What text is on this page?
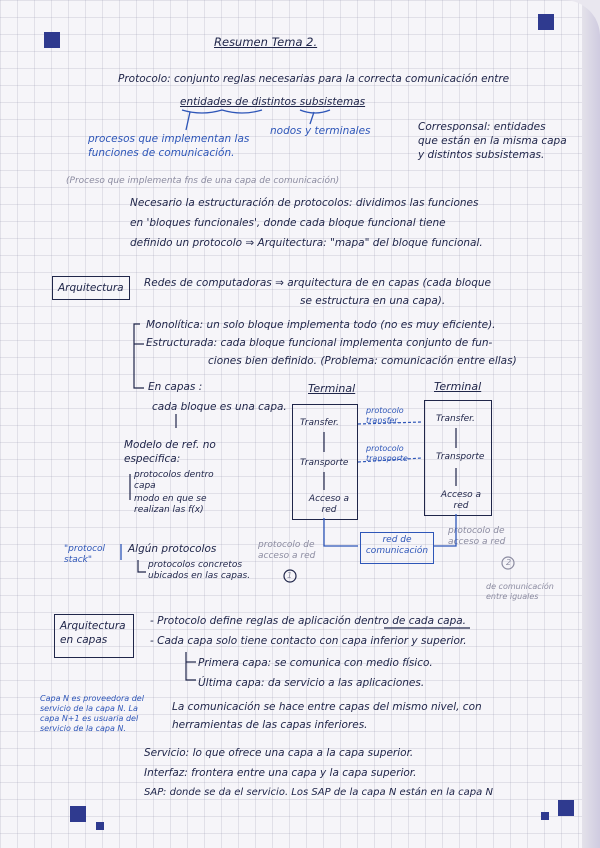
Resumen Tema 2.
Protocolo: conjunto reglas necesarias para la correcta comunicación entre
entidades de distintos subsistemas
procesos que implementan las funciones de comunicación.
nodos y terminales	Corresponsal: entidades que están en la misma capa y distintos subsistemas.
(Proceso que implementa fns de una capa de comunicación)
Necesario la estructuración de protocolos: dividimos las funciones
en 'bloques funcionales', donde cada bloque funcional tiene
definido un protocolo ⇒ Arquitectura: "mapa" del bloque funcional.
Arquitectura Redes de computadoras ⇒ arquitectura de en capas (cada bloque
se estructura en una capa).
Monolítica: un solo bloque implementa todo (no es muy eficiente).
Estructurada: cada bloque funcional implementa conjunto de fun-
ciones bien definido. (Problema: comunicación entre ellas)
En capas :
cada bloque es una capa.
Modelo de ref. no especifica:
protocolos dentro capa
modo en que se realizan las f(x)
"protocol stack"
Algún protocolos
protocolos concretos ubicados en las capas.
Terminal	Terminal
Transfer.
Transporte
Acceso a red
Transfer.
Transporte
Acceso a red
protocolo transfer.
protocolo transporte
red de comunicación
protocolo de acceso a red
protocolo de acceso a red
1
2
Arquitectura en capas
de comunicación entre iguales
- Protocolo define reglas de aplicación dentro de cada capa.
- Cada capa solo tiene contacto con capa inferior y superior.
Primera capa: se comunica con medio físico.
Última capa: da servicio a las aplicaciones.
Capa N es proveedora del servicio de la capa N. La capa N+1 es usuaria del servicio de la capa N.
La comunicación se hace entre capas del mismo nivel, con
herramientas de las capas inferiores.
Servicio: lo que ofrece una capa a la capa superior.
Interfaz: frontera entre una capa y la capa superior.
SAP: donde se da el servicio. Los SAP de la capa N están en la capa N
